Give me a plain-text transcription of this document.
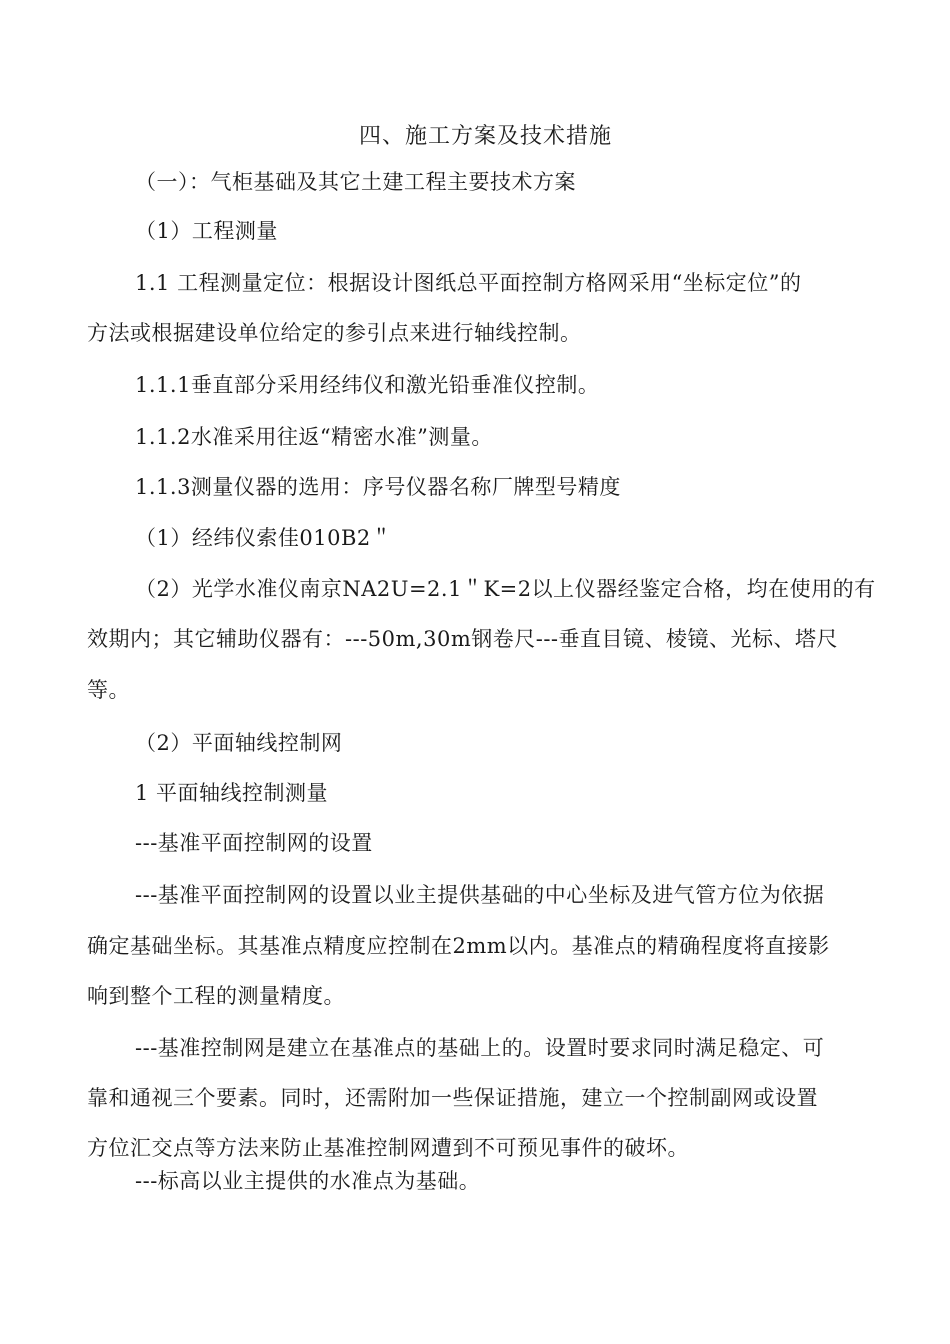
四、施工方案及技术措施
（一）：气柜基础及其它土建工程主要技术方案
（1）工程测量
1.1 工程测量定位：根据设计图纸总平面控制方格网采用“坐标定位”的
方法或根据建设单位给定的参引点来进行轴线控制。
1.1.1垂直部分采用经纬仪和激光铅垂准仪控制。
1.1.2水准采用往返“精密水准”测量。
1.1.3测量仪器的选用：序号仪器名称厂牌型号精度
（1）经纬仪索佳010B2＂
（2）光学水准仪南京NA2U=2.1＂K=2以上仪器经鉴定合格，均在使用的有
效期内；其它辅助仪器有：---50m,30m钢卷尺---垂直目镜、棱镜、光标、塔尺
等。
（2）平面轴线控制网
1 平面轴线控制测量
---基准平面控制网的设置
---基准平面控制网的设置以业主提供基础的中心坐标及进气管方位为依据
确定基础坐标。其基准点精度应控制在2mm以内。基准点的精确程度将直接影
响到整个工程的测量精度。
---基准控制网是建立在基准点的基础上的。设置时要求同时满足稳定、可
靠和通视三个要素。同时，还需附加一些保证措施，建立一个控制副网或设置
方位汇交点等方法来防止基准控制网遭到不可预见事件的破坏。
---标高以业主提供的水准点为基础。
